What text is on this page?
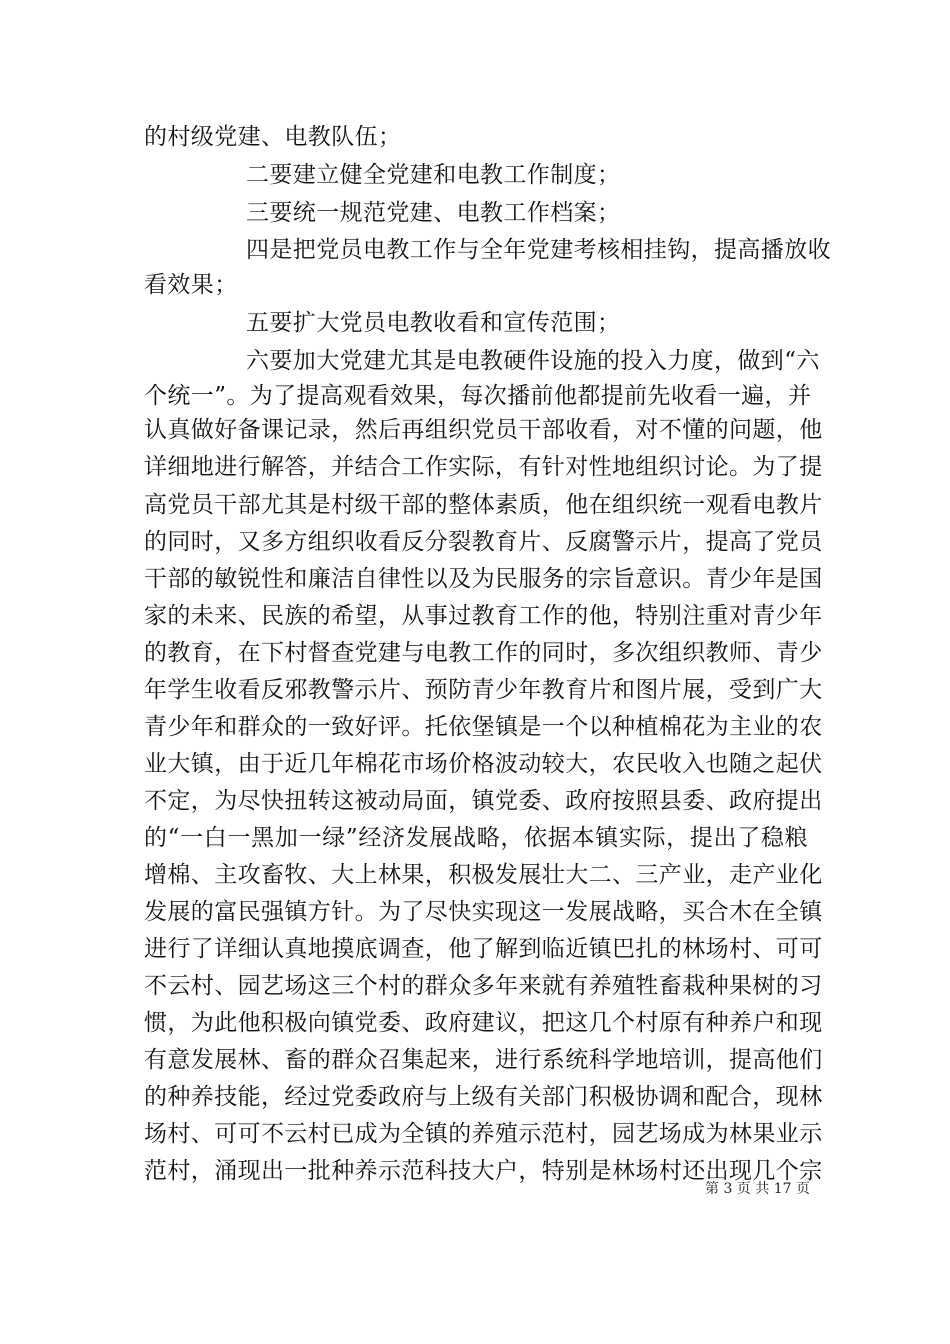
的村级党建、电教队伍；
二要建立健全党建和电教工作制度；
三要统一规范党建、电教工作档案；
四是把党员电教工作与全年党建考核相挂钩，提高播放收
看效果；
五要扩大党员电教收看和宣传范围；
六要加大党建尤其是电教硬件设施的投入力度，做到“六
个统一”。为了提高观看效果，每次播前他都提前先收看一遍，并
认真做好备课记录，然后再组织党员干部收看，对不懂的问题，他
详细地进行解答，并结合工作实际，有针对性地组织讨论。为了提
高党员干部尤其是村级干部的整体素质，他在组织统一观看电教片
的同时，又多方组织收看反分裂教育片、反腐警示片，提高了党员
干部的敏锐性和廉洁自律性以及为民服务的宗旨意识。青少年是国
家的未来、民族的希望，从事过教育工作的他，特别注重对青少年
的教育，在下村督查党建与电教工作的同时，多次组织教师、青少
年学生收看反邪教警示片、预防青少年教育片和图片展，受到广大
青少年和群众的一致好评。托依堡镇是一个以种植棉花为主业的农
业大镇，由于近几年棉花市场价格波动较大，农民收入也随之起伏
不定，为尽快扭转这被动局面，镇党委、政府按照县委、政府提出
的“一白一黑加一绿”经济发展战略，依据本镇实际，提出了稳粮
增棉、主攻畜牧、大上林果，积极发展壮大二、三产业，走产业化
发展的富民强镇方针。为了尽快实现这一发展战略，买合木在全镇
进行了详细认真地摸底调查，他了解到临近镇巴扎的林场村、可可
不云村、园艺场这三个村的群众多年来就有养殖牲畜栽种果树的习
惯，为此他积极向镇党委、政府建议，把这几个村原有种养户和现
有意发展林、畜的群众召集起来，进行系统科学地培训，提高他们
的种养技能，经过党委政府与上级有关部门积极协调和配合，现林
场村、可可不云村已成为全镇的养殖示范村，园艺场成为林果业示
范村，涌现出一批种养示范科技大户，特别是林场村还出现几个宗
第 3 页 共 17 页
